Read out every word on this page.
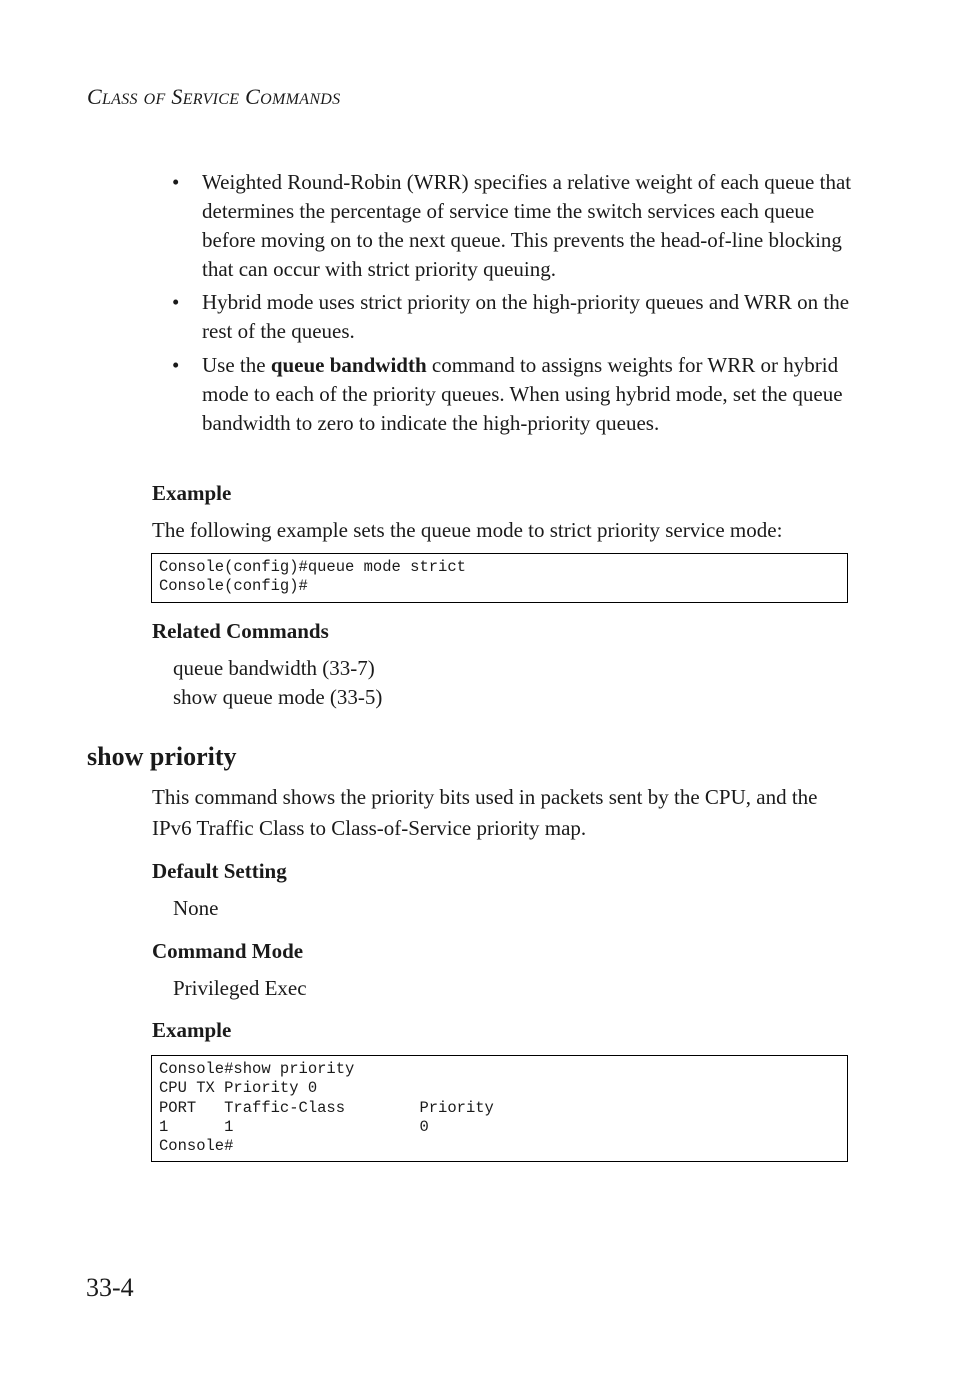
CLASS OF SERVICE COMMANDS
• Weighted Round-Robin (WRR) specifies a relative weight of each queue that determines the percentage of service time the switch services each queue before moving on to the next queue. This prevents the head-of-line blocking that can occur with strict priority queuing.
• Hybrid mode uses strict priority on the high-priority queues and WRR on the rest of the queues.
• Use the queue bandwidth command to assigns weights for WRR or hybrid mode to each of the priority queues. When using hybrid mode, set the queue bandwidth to zero to indicate the high-priority queues.
Example
The following example sets the queue mode to strict priority service mode:
Console(config)#queue mode strict
Console(config)#
Related Commands
queue bandwidth (33-7)
show queue mode (33-5)
show priority
This command shows the priority bits used in packets sent by the CPU, and the IPv6 Traffic Class to Class-of-Service priority map.
Default Setting
None
Command Mode
Privileged Exec
Example
Console#show priority
CPU TX Priority 0
PORT   Traffic-Class        Priority
1      1                    0
Console#
33-4
